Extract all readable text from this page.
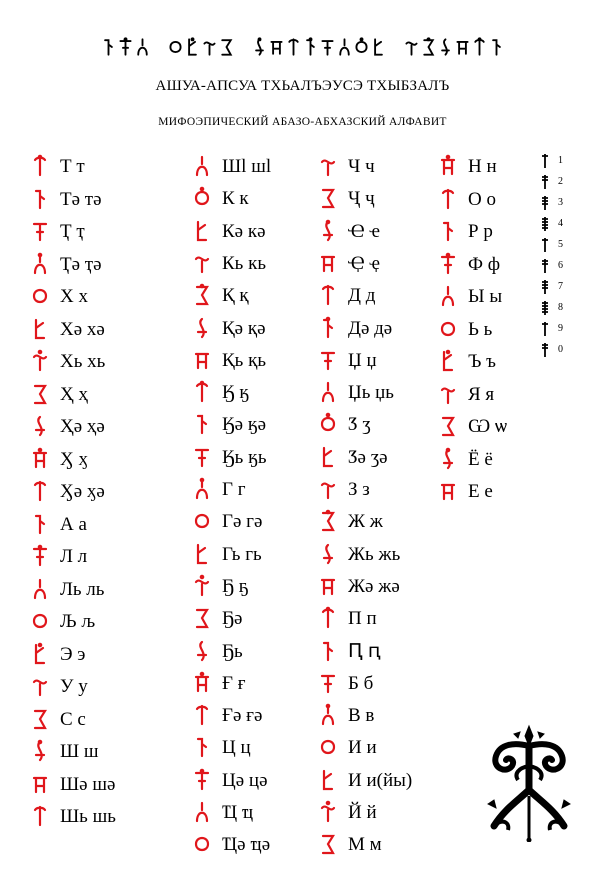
АШУА-АПСУА ТХЬАЛЪЭУСЭ ТХЫБЗАЛЪ
МИФОЭПИЧЕСКИЙ АБАЗО-АБХАЗСКИЙ АЛФАВИТ
Т т
Тә тә
Ҭ ҭ
Ҭә ҭә
Х х
Хә хә
Хь хь
Ҳ ҳ
Ҳә ҳә
Ӽ ӽ
Ӽә ӽә
А а
Л л
Ль ль
Љ љ
Э э
У у
С с
Ш ш
Шә шә
Шь шь
Шl шl
К к
Кә кә
Кь кь
Қ қ
Қә қә
Қь қь
Ӄ ӄ
Ӄә ӄә
Ӄь ӄь
Г г
Гә гә
Гь гь
Ҕ ҕ
Ҕә
Ҕь
Ғ ғ
Ғә ғә
Ц ц
Цә цә
Ҵ ҵ
Ҵә ҵә
Ч ч
Ҷ ҷ
Ҽ ҽ
Ҿ ҿ
Д д
Дә дә
Џ џ
Џь џь
Ӡ ӡ
Ӡә ӡә
З з
Ж ж
Жь жь
Жә жә
П п
Ԥ ԥ
Б б
В в
И и
И и(йы)
Й й
М м
Н н
О о
Р р
Ф ф
Ы ы
Ь ь
Ъ ъ
Я я
Ѡ ѡ
Ё ё
Е е
1
2
3
4
5
6
7
8
9
0
